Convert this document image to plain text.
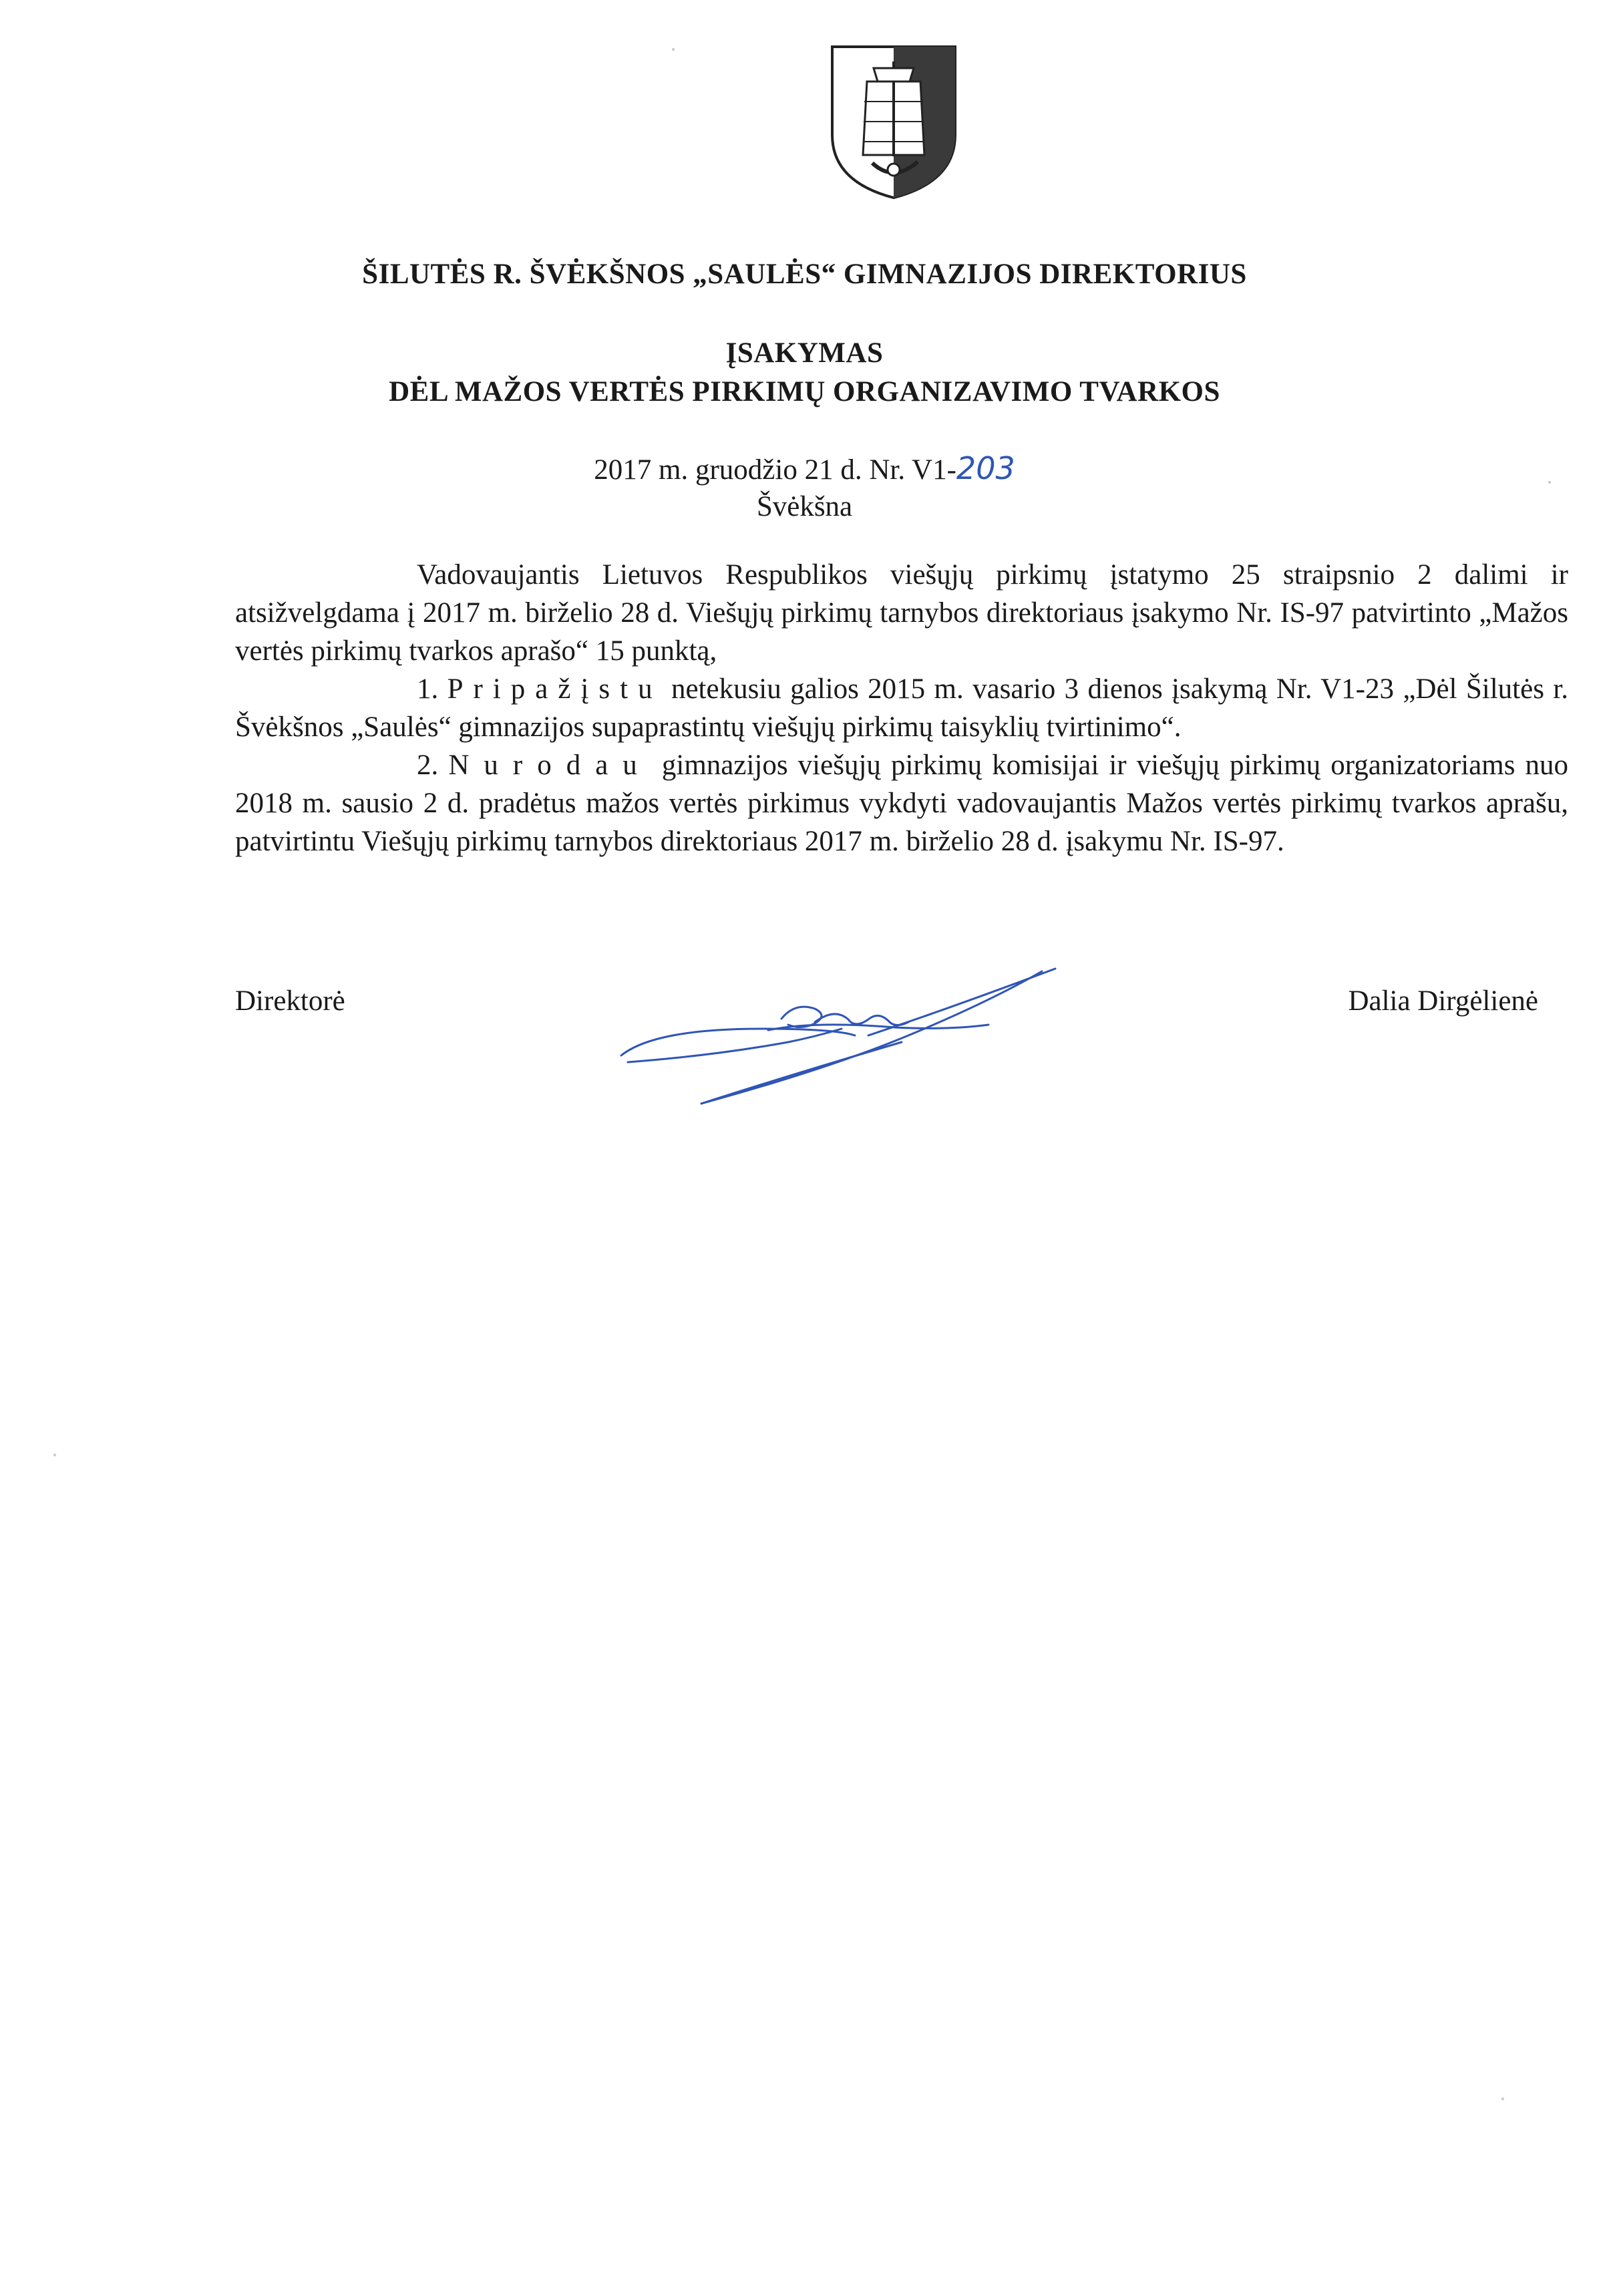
ŠILUTĖS R. ŠVĖKŠNOS „SAULĖS“ GIMNAZIJOS DIREKTORIUS
ĮSAKYMAS
DĖL MAŽOS VERTĖS PIRKIMŲ ORGANIZAVIMO TVARKOS
2017 m. gruodžio 21 d. Nr. V1-203
Švėkšna

Vadovaujantis Lietuvos Respublikos viešųjų pirkimų įstatymo 25 straipsnio 2 dalimi ir atsižvelgdama į 2017 m. birželio 28 d. Viešųjų pirkimų tarnybos direktoriaus įsakymo Nr. IS-97 patvirtinto „Mažos vertės pirkimų tvarkos aprašo“ 15 punktą,

1. Pripažįstu netekusiu galios 2015 m. vasario 3 dienos įsakymą Nr. V1-23 „Dėl Šilutės r. Švėkšnos „Saulės“ gimnazijos supaprastintų viešųjų pirkimų taisyklių tvirtinimo“.

2. Nurodau gimnazijos viešųjų pirkimų komisijai ir viešųjų pirkimų organizatoriams nuo 2018 m. sausio 2 d. pradėtus mažos vertės pirkimus vykdyti vadovaujantis Mažos vertės pirkimų tvarkos aprašu, patvirtintu Viešųjų pirkimų tarnybos direktoriaus 2017 m. birželio 28 d. įsakymu Nr. IS-97.

Direktorė	Dalia Dirgėlienė
